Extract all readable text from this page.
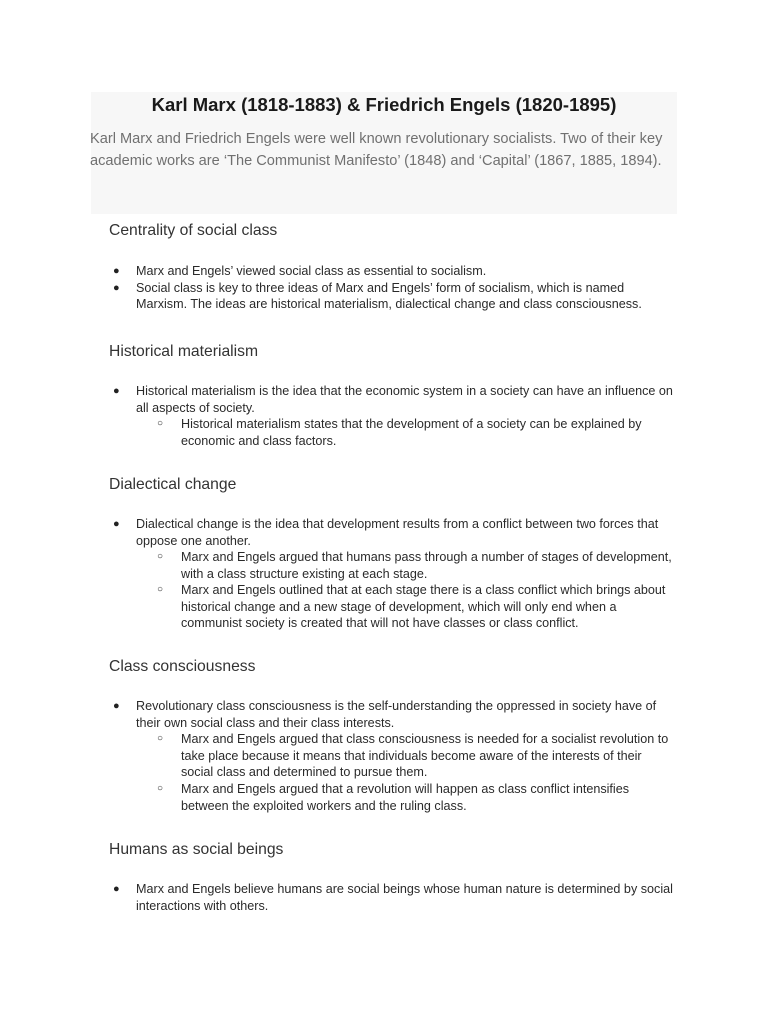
Karl Marx (1818-1883) & Friedrich Engels (1820-1895)

Karl Marx and Friedrich Engels were well known revolutionary socialists. Two of their key academic works are ‘The Communist Manifesto’ (1848) and ‘Capital’ (1867, 1885, 1894).

Centrality of social class
● Marx and Engels’ viewed social class as essential to socialism.

● Social class is key to three ideas of Marx and Engels’ form of socialism, which is named Marxism. The ideas are historical materialism, dialectical change and class consciousness.

Historical materialism
● Historical materialism is the idea that the economic system in a society can have an influence on all aspects of society.

○ Historical materialism states that the development of a society can be explained by economic and class factors.

Dialectical change
● Dialectical change is the idea that development results from a conflict between two forces that oppose one another.

○ Marx and Engels argued that humans pass through a number of stages of development, with a class structure existing at each stage.

○ Marx and Engels outlined that at each stage there is a class conflict which brings about historical change and a new stage of development, which will only end when a communist society is created that will not have classes or class conflict.

Class consciousness
● Revolutionary class consciousness is the self-understanding the oppressed in society have of their own social class and their class interests.

○ Marx and Engels argued that class consciousness is needed for a socialist revolution to take place because it means that individuals become aware of the interests of their social class and determined to pursue them.

○ Marx and Engels argued that a revolution will happen as class conflict intensifies between the exploited workers and the ruling class.

Humans as social beings
● Marx and Engels believe humans are social beings whose human nature is determined by social interactions with others.
